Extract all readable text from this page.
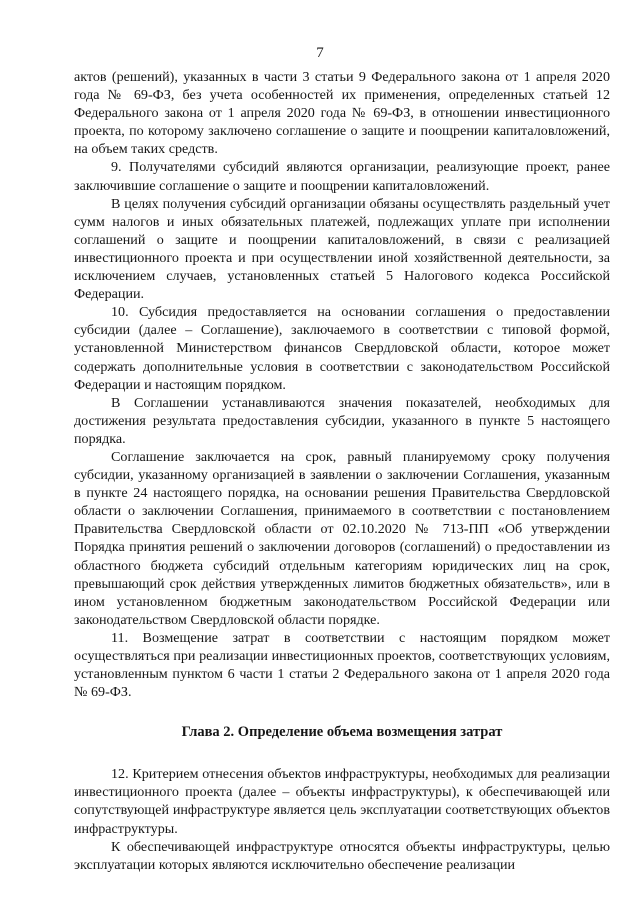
7

актов (решений), указанных в части 3 статьи 9 Федерального закона от 1 апреля 2020 года № 69-ФЗ, без учета особенностей их применения, определенных статьей 12 Федерального закона от 1 апреля 2020 года № 69-ФЗ, в отношении инвестиционного проекта, по которому заключено соглашение о защите и поощрении капиталовложений, на объем таких средств.

9. Получателями субсидий являются организации, реализующие проект, ранее заключившие соглашение о защите и поощрении капиталовложений.

В целях получения субсидий организации обязаны осуществлять раздельный учет сумм налогов и иных обязательных платежей, подлежащих уплате при исполнении соглашений о защите и поощрении капиталовложений, в связи с реализацией инвестиционного проекта и при осуществлении иной хозяйственной деятельности, за исключением случаев, установленных статьей 5 Налогового кодекса Российской Федерации.

10. Субсидия предоставляется на основании соглашения о предоставлении субсидии (далее – Соглашение), заключаемого в соответствии с типовой формой, установленной Министерством финансов Свердловской области, которое может содержать дополнительные условия в соответствии с законодательством Российской Федерации и настоящим порядком.

В Соглашении устанавливаются значения показателей, необходимых для достижения результата предоставления субсидии, указанного в пункте 5 настоящего порядка.

Соглашение заключается на срок, равный планируемому сроку получения субсидии, указанному организацией в заявлении о заключении Соглашения, указанным в пункте 24 настоящего порядка, на основании решения Правительства Свердловской области о заключении Соглашения, принимаемого в соответствии с постановлением Правительства Свердловской области от 02.10.2020 № 713-ПП «Об утверждении Порядка принятия решений о заключении договоров (соглашений) о предоставлении из областного бюджета субсидий отдельным категориям юридических лиц на срок, превышающий срок действия утвержденных лимитов бюджетных обязательств», или в ином установленном бюджетным законодательством Российской Федерации или законодательством Свердловской области порядке.

11. Возмещение затрат в соответствии с настоящим порядком может осуществляться при реализации инвестиционных проектов, соответствующих условиям, установленным пунктом 6 части 1 статьи 2 Федерального закона от 1 апреля 2020 года № 69-ФЗ.

Глава 2. Определение объема возмещения затрат

12. Критерием отнесения объектов инфраструктуры, необходимых для реализации инвестиционного проекта (далее – объекты инфраструктуры), к обеспечивающей или сопутствующей инфраструктуре является цель эксплуатации соответствующих объектов инфраструктуры.

К обеспечивающей инфраструктуре относятся объекты инфраструктуры, целью эксплуатации которых являются исключительно обеспечение реализации
